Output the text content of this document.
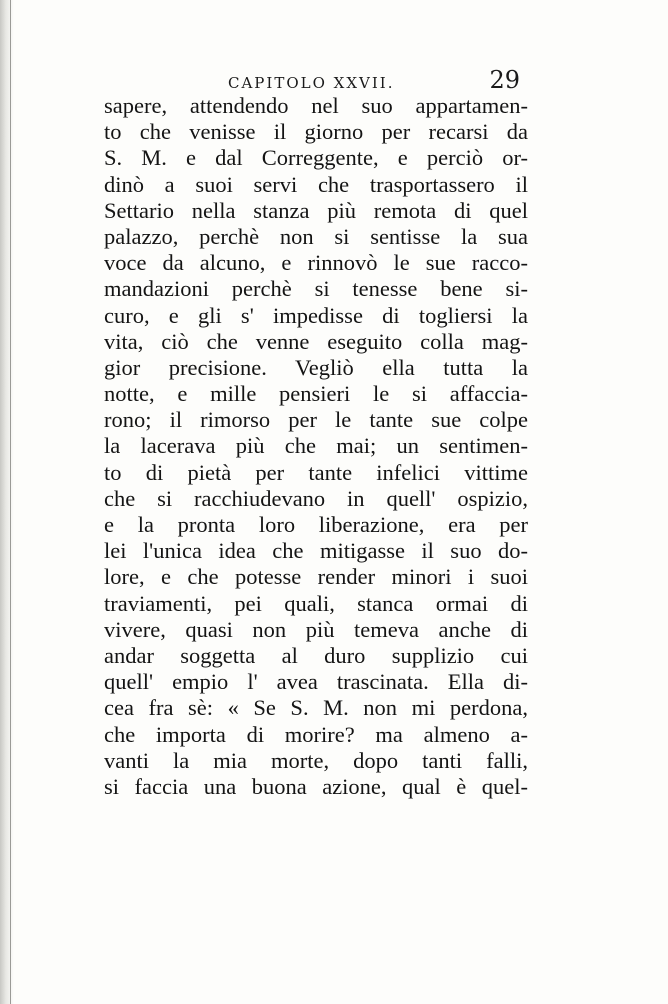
CAPITOLO XXVII.	29
sapere, attendendo nel suo appartamen-
to che venisse il giorno per recarsi da
S. M. e dal Correggente, e perciò or-
dinò a suoi servi che trasportassero il
Settario nella stanza più remota di quel
palazzo, perchè non si sentisse la sua
voce da alcuno, e rinnovò le sue racco-
mandazioni perchè si tenesse bene si-
curo, e gli s' impedisse di togliersi la
vita, ciò che venne eseguito colla mag-
gior precisione. Vegliò ella tutta la
notte, e mille pensieri le si affaccia-
rono; il rimorso per le tante sue colpe
la lacerava più che mai; un sentimen-
to di pietà per tante infelici vittime
che si racchiudevano in quell' ospizio,
e la pronta loro liberazione, era per
lei l'unica idea che mitigasse il suo do-
lore, e che potesse render minori i suoi
traviamenti, pei quali, stanca ormai di
vivere, quasi non più temeva anche di
andar soggetta al duro supplizio cui
quell' empio l' avea trascinata. Ella di-
cea fra sè: « Se S. M. non mi perdona,
che importa di morire? ma almeno a-
vanti la mia morte, dopo tanti falli,
si faccia una buona azione, qual è quel-
